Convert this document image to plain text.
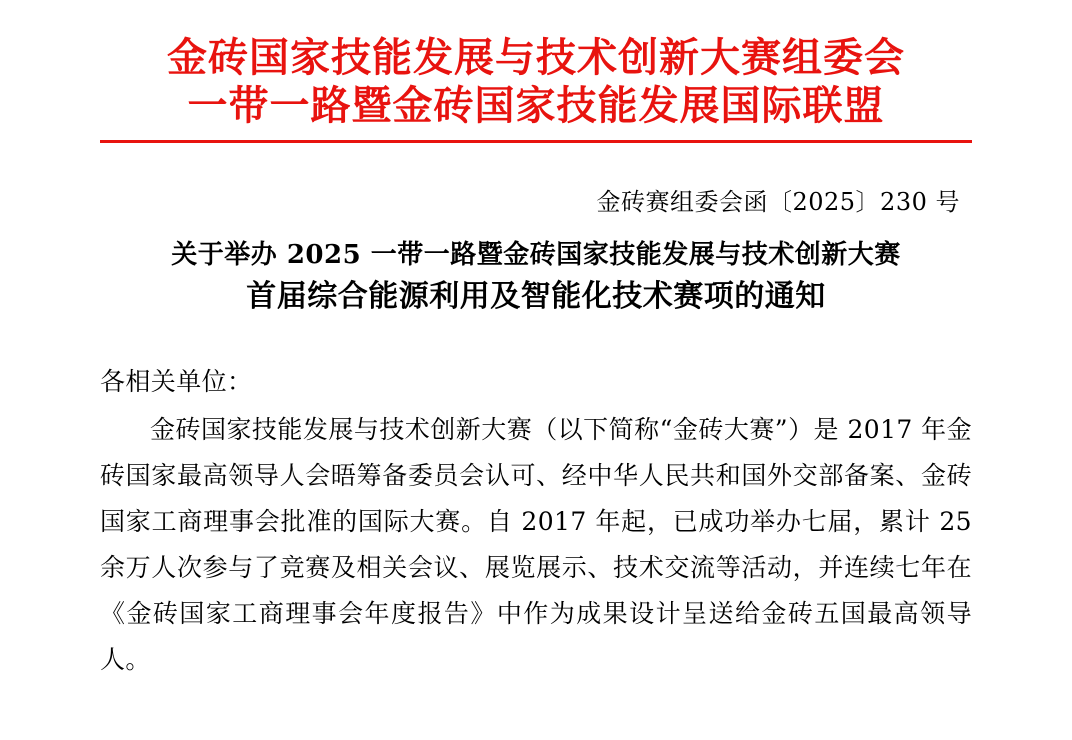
金砖国家技能发展与技术创新大赛组委会
一带一路暨金砖国家技能发展国际联盟
金砖赛组委会函〔2025〕230 号
关于举办 2025 一带一路暨金砖国家技能发展与技术创新大赛
首届综合能源利用及智能化技术赛项的通知

各相关单位：

金砖国家技能发展与技术创新大赛（以下简称“金砖大赛”）是 2017 年金砖国家最高领导人会晤筹备委员会认可、经中华人民共和国外交部备案、金砖国家工商理事会批准的国际大赛。自 2017 年起，已成功举办七届，累计 25 余万人次参与了竞赛及相关会议、展览展示、技术交流等活动，并连续七年在《金砖国家工商理事会年度报告》中作为成果设计呈送给金砖五国最高领导人。
